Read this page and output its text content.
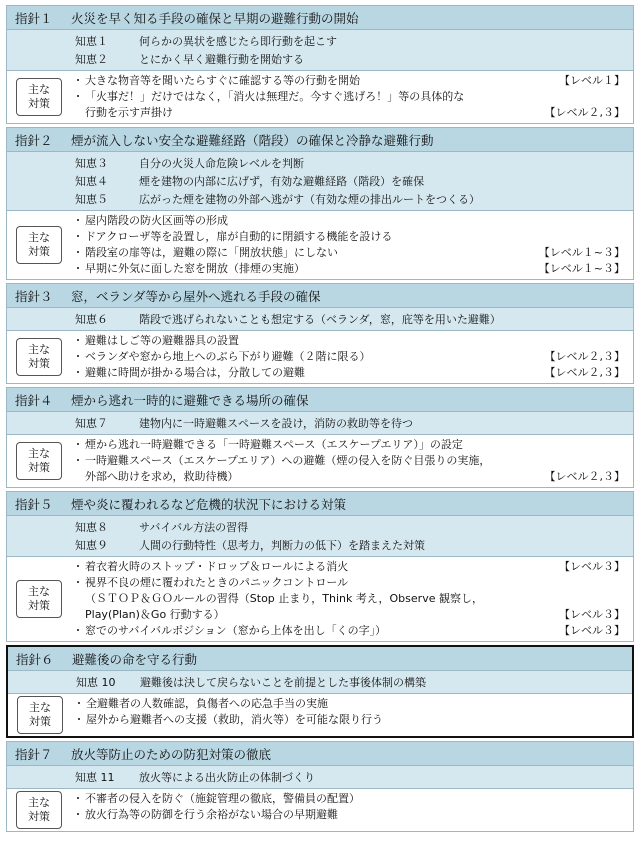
指針１	火災を早く知る手段の確保と早期の避難行動の開始
知恵１	何らかの異状を感じたら即行動を起こす
知恵２	とにかく早く避難行動を開始する
主な
対策
・ 大きな物音等を聞いたらすぐに確認する等の行動を開始	【レベル１】
・ 「火事だ！」だけではなく，「消火は無理だ。今すぐ逃げろ！」等の具体的な
行動を示す声掛け	【レベル２,３】
指針２	煙が流入しない安全な避難経路（階段）の確保と冷静な避難行動
知恵３	自分の火災人命危険レベルを判断
知恵４	煙を建物の内部に広げず，有効な避難経路（階段）を確保
知恵５	広がった煙を建物の外部へ逃がす（有効な煙の排出ルートをつくる）
主な
対策
・ 屋内階段の防火区画等の形成
・ ドアクローザ等を設置し，扉が自動的に閉鎖する機能を設ける
・ 階段室の扉等は，避難の際に「開放状態」にしない	【レベル１~３】
・ 早期に外気に面した窓を開放（排煙の実施）	【レベル１~３】
指針３	窓，ベランダ等から屋外へ逃れる手段の確保
知恵６	階段で逃げられないことも想定する（ベランダ，窓，庇等を用いた避難）
主な
対策
・ 避難はしご等の避難器具の設置
・ ベランダや窓から地上へのぶら下がり避難（２階に限る）	【レベル２,３】
・ 避難に時間が掛かる場合は，分散しての避難	【レベル２,３】
指針４	煙から逃れ一時的に避難できる場所の確保
知恵７	建物内に一時避難スペースを設け，消防の救助等を待つ
主な
対策
・ 煙から逃れ一時避難できる「一時避難スペース（エスケープエリア）」の設定
・ 一時避難スペース（エスケープエリア）への避難（煙の侵入を防ぐ目張りの実施，
外部へ助けを求め，救助待機）	【レベル２,３】
指針５	煙や炎に覆われるなど危機的状況下における対策
知恵８	サバイバル方法の習得
知恵９	人間の行動特性（思考力，判断力の低下）を踏まえた対策
主な
対策
・ 着衣着火時のストップ・ドロップ＆ロールによる消火	【レベル３】
・ 視界不良の煙に覆われたときのパニックコントロール
（ＳＴＯＰ＆ＧＯルールの習得（Stop 止まり，Think 考え，Observe 観察し，
Play(Plan)＆Go 行動する）	【レベル３】
・ 窓でのサバイバルポジション（窓から上体を出し「くの字」）	【レベル３】
指針６	避難後の命を守る行動
知恵 10	避難後は決して戻らないことを前提とした事後体制の構築
主な
対策
・ 全避難者の人数確認，負傷者への応急手当の実施
・ 屋外から避難者への支援（救助，消火等）を可能な限り行う
指針７	放火等防止のための防犯対策の徹底
知恵 11	放火等による出火防止の体制づくり
主な
対策
・ 不審者の侵入を防ぐ（施錠管理の徹底，警備員の配置）
・ 放火行為等の防御を行う余裕がない場合の早期避難
